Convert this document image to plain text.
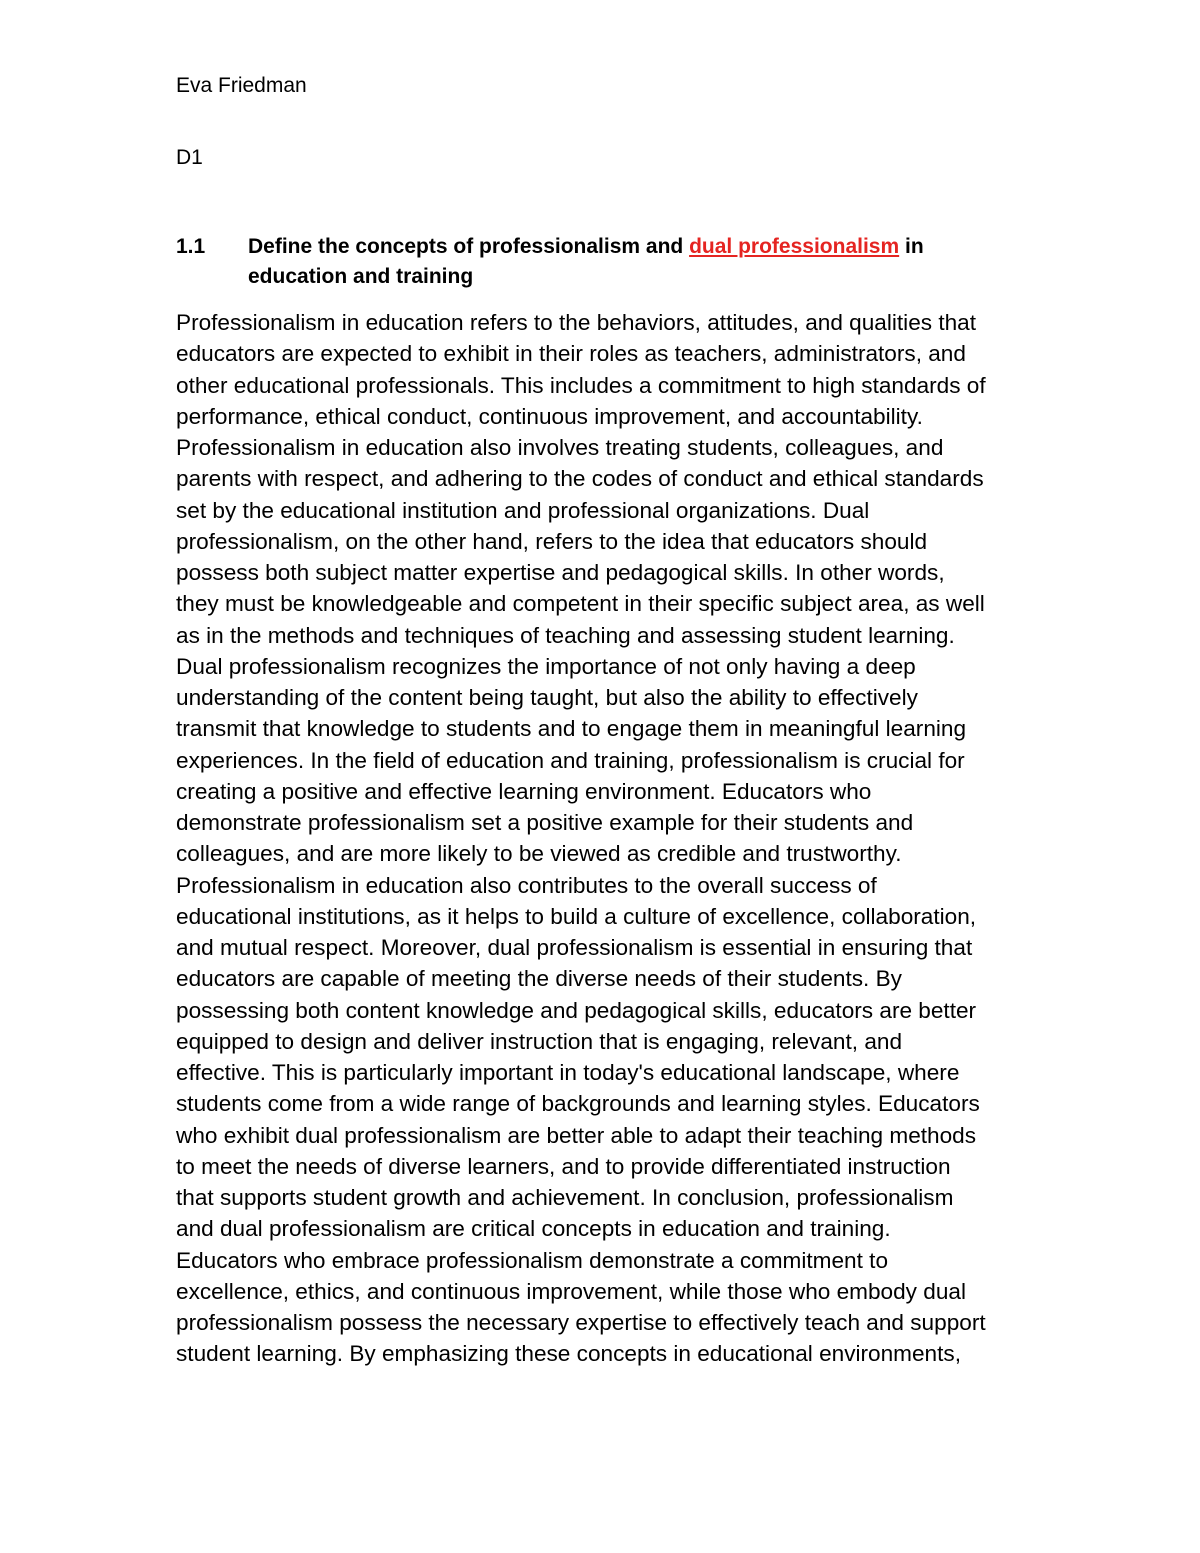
Eva Friedman

D1

1.1 Define the concepts of professionalism and dual professionalism in
education and training
Professionalism in education refers to the behaviors, attitudes, and qualities that
educators are expected to exhibit in their roles as teachers, administrators, and
other educational professionals. This includes a commitment to high standards of
performance, ethical conduct, continuous improvement, and accountability.
Professionalism in education also involves treating students, colleagues, and
parents with respect, and adhering to the codes of conduct and ethical standards
set by the educational institution and professional organizations. Dual
professionalism, on the other hand, refers to the idea that educators should
possess both subject matter expertise and pedagogical skills. In other words,
they must be knowledgeable and competent in their specific subject area, as well
as in the methods and techniques of teaching and assessing student learning.
Dual professionalism recognizes the importance of not only having a deep
understanding of the content being taught, but also the ability to effectively
transmit that knowledge to students and to engage them in meaningful learning
experiences. In the field of education and training, professionalism is crucial for
creating a positive and effective learning environment. Educators who
demonstrate professionalism set a positive example for their students and
colleagues, and are more likely to be viewed as credible and trustworthy.
Professionalism in education also contributes to the overall success of
educational institutions, as it helps to build a culture of excellence, collaboration,
and mutual respect. Moreover, dual professionalism is essential in ensuring that
educators are capable of meeting the diverse needs of their students. By
possessing both content knowledge and pedagogical skills, educators are better
equipped to design and deliver instruction that is engaging, relevant, and
effective. This is particularly important in today's educational landscape, where
students come from a wide range of backgrounds and learning styles. Educators
who exhibit dual professionalism are better able to adapt their teaching methods
to meet the needs of diverse learners, and to provide differentiated instruction
that supports student growth and achievement. In conclusion, professionalism
and dual professionalism are critical concepts in education and training.
Educators who embrace professionalism demonstrate a commitment to
excellence, ethics, and continuous improvement, while those who embody dual
professionalism possess the necessary expertise to effectively teach and support
student learning. By emphasizing these concepts in educational environments,
